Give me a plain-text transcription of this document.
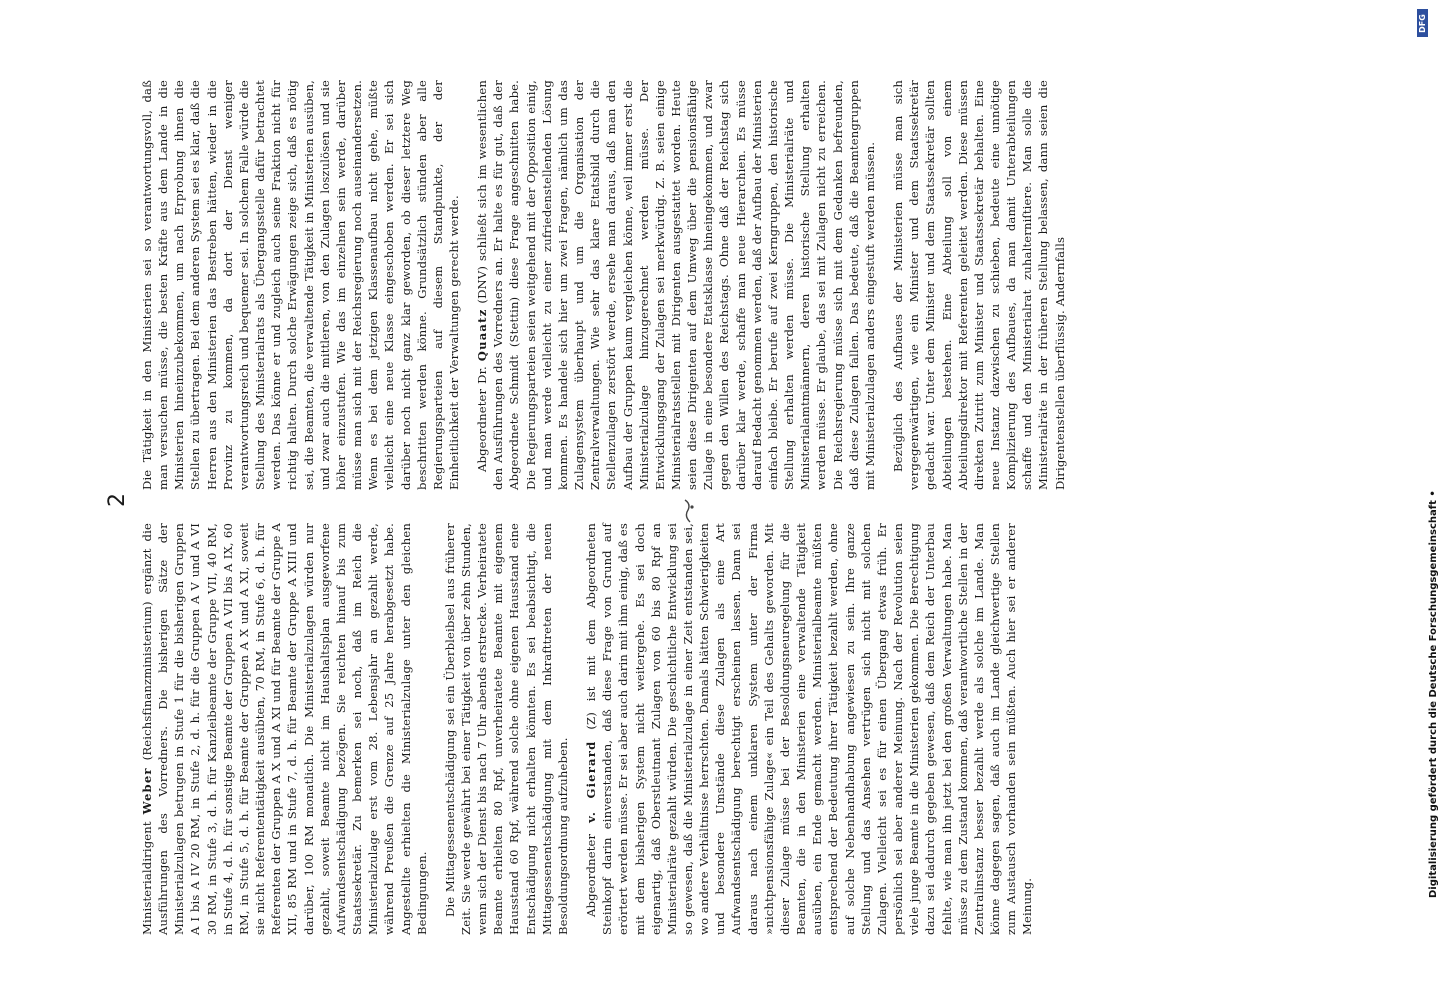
2

Ministerialdirigent Weber (Reichsfinanzministerium) ergänzt die Ausführungen des Vorredners. Die bisherigen Sätze der Ministerialzulagen betrugen in Stufe 1 für die bisherigen Gruppen A I bis A IV 20 RM, in Stufe 2, d. h. für die Gruppen A V und A VI 30 RM, in Stufe 3, d. h. für Kanzleibeamte der Gruppe VII, 40 RM, in Stufe 4, d. h. für sonstige Beamte der Gruppen A VII bis A IX, 60 RM, in Stufe 5, d. h. für Beamte der Gruppen A X und A XI, soweit sie nicht Referententätigkeit ausübten, 70 RM, in Stufe 6, d. h. für Referenten der Gruppen A X und A XI und für Beamte der Gruppe A XII, 85 RM und in Stufe 7, d. h. für Beamte der Gruppe A XIII und darüber, 100 RM monatlich. Die Ministerialzulagen würden nur gezahlt, soweit Beamte nicht im Haushaltsplan ausgeworfene Aufwandsentschädigung bezögen. Sie reichten hinauf bis zum Staatssekretär. Zu bemerken sei noch, daß im Reich die Ministerialzulage erst vom 28. Lebensjahr an gezahlt werde, während Preußen die Grenze auf 25 Jahre herabgesetzt habe. Angestellte erhielten die Ministerialzulage unter den gleichen Bedingungen. Die Mittagessenentschädigung sei ein Überbleibsel aus früherer Zeit. Sie werde gewährt bei einer Tätigkeit von über zehn Stunden, wenn sich der Dienst bis nach 7 Uhr abends erstrecke. Verheiratete Beamte erhielten 80 Rpf, unverheiratete Beamte mit eigenem Hausstand 60 Rpf, während solche ohne eigenen Hausstand eine Entschädigung nicht erhalten könnten. Es sei beabsichtigt, die Mittagessenentschädigung mit dem Inkrafttreten der neuen Besoldungsordnung aufzuheben. Abgeordneter v. Gierard (Z) ist mit dem Abgeordneten Steinkopf darin einverstanden, daß diese Frage von Grund auf erörtert werden müsse. Er sei aber auch darin mit ihm einig, daß es mit dem bisherigen System nicht weitergehe. Es sei doch eigenartig, daß Oberstleutnant Zulagen von 60 bis 80 Rpf an Ministerialräte gezahlt würden. Die geschichtliche Entwicklung sei so gewesen, daß die Ministerialzulage in einer Zeit entstanden sei, wo andere Verhältnisse herrschten. Damals hätten Schwierigkeiten und besondere Umstände diese Zulagen als eine Art Aufwandsentschädigung berechtigt erscheinen lassen. Dann sei daraus nach einem unklaren System unter der Firma »nichtpensionsfähige Zulage« ein Teil des Gehalts geworden. Mit dieser Zulage müsse bei der Besoldungsneuregelung für die Beamten, die in den Ministerien eine verwaltende Tätigkeit ausüben, ein Ende gemacht werden. Ministerialbeamte müßten entsprechend der Bedeutung ihrer Tätigkeit bezahlt werden, ohne auf solche Nebenhandhabung angewiesen zu sein. Ihre ganze Stellung und das Ansehen vertrügen sich nicht mit solchen Zulagen. Vielleicht sei es für einen Übergang etwas früh. Er persönlich sei aber anderer Meinung. Nach der Revolution seien viele junge Beamte in die Ministerien gekommen. Die Berechtigung dazu sei dadurch gegeben gewesen, daß dem Reich der Unterbau fehlte, wie man ihn jetzt bei den großen Verwaltungen habe. Man müsse zu dem Zustand kommen, daß verantwortliche Stellen in der Zentralinstanz besser bezahlt werde als solche im Lande. Man könne dagegen sagen, daß auch im Lande gleichwertige Stellen zum Austausch vorhanden sein müßten. Auch hier sei er anderer Meinung.

Die Tätigkeit in den Ministerien sei so verantwortungsvoll, daß man versuchen müsse, die besten Kräfte aus dem Lande in die Ministerien hineinzubekommen, um nach Erprobung ihnen die Stellen zu übertragen. Bei dem anderen System sei es klar, daß die Herren aus den Ministerien das Bestreben hätten, wieder in die Provinz zu kommen, da dort der Dienst weniger verantwortungsreich und bequemer sei. In solchem Falle würde die Stellung des Ministerialrats als Übergangsstelle dafür betrachtet werden. Das könne er und zugleich auch seine Fraktion nicht für richtig halten. Durch solche Erwägungen zeige sich, daß es nötig sei, die Beamten, die verwaltende Tätigkeit in Ministerien ausüben, und zwar auch die mittleren, von den Zulagen loszulösen und sie höher einzustufen. Wie das im einzelnen sein werde, darüber müsse man sich mit der Reichsregierung noch auseinandersetzen. Wenn es bei dem jetzigen Klassenaufbau nicht gehe, müßte vielleicht eine neue Klasse eingeschoben werden. Er sei sich darüber noch nicht ganz klar geworden, ob dieser letztere Weg beschritten werden könne. Grundsätzlich stünden aber alle Regierungsparteien auf diesem Standpunkte, der der Einheitlichkeit der Verwaltungen gerecht werde. Abgeordneter Dr. Quaatz (DNV) schließt sich im wesentlichen den Ausführungen des Vorredners an. Er halte es für gut, daß der Abgeordnete Schmidt (Stettin) diese Frage angeschnitten habe. Die Regierungsparteien seien weitgehend mit der Opposition einig, und man werde vielleicht zu einer zufriedenstellenden Lösung kommen. Es handele sich hier um zwei Fragen, nämlich um das Zulagensystem überhaupt und um die Organisation der Zentralverwaltungen. Wie sehr das klare Etatsbild durch die Stellenzulagen zerstört werde, ersehe man daraus, daß man den Aufbau der Gruppen kaum vergleichen könne, weil immer erst die Ministerialzulage hinzugerechnet werden müsse. Der Entwicklungsgang der Zulagen sei merkwürdig. Z. B. seien einige Ministerialratsstellen mit Dirigenten ausgestattet worden. Heute seien diese Dirigenten auf dem Umweg über die pensionsfähige Zulage in eine besondere Etatsklasse hineingekommen, und zwar gegen den Willen des Reichstags. Ohne daß der Reichstag sich darüber klar werde, schaffe man neue Hierarchien. Es müsse darauf Bedacht genommen werden, daß der Aufbau der Ministerien einfach bleibe. Er berufe auf zwei Kerngruppen, den historische Stellung erhalten werden müsse. Die Ministerialräte und Ministerialamtmännern, deren historische Stellung erhalten werden müsse. Er glaube, das sei mit Zulagen nicht zu erreichen. Die Reichsregierung müsse sich mit dem Gedanken befreunden, daß diese Zulagen fallen. Das bedeute, daß die Beamtengruppen mit Ministerialzulagen anders eingestuft werden müssen. Bezüglich des Aufbaues der Ministerien müsse man sich vergegenwärtigen, wie ein Minister und dem Staatssekretär gedacht war. Unter dem Minister und dem Staatssekretär sollten Abteilungen bestehen. Eine Abteilung soll von einem Abteilungsdirektor mit Referenten geleitet werden. Diese müssen direkten Zutritt zum Minister und Staatssekretär behalten. Eine neue Instanz dazwischen zu schieben, bedeute eine unnötige Komplizierung des Aufbaues, da man damit Unterabteilungen schaffe und den Ministerialrat zuhalterniſtiere. Man solle die Ministerialräte in der früheren Stellung belassen, dann seien die Dirigentenstellen überflüssig. Andernfalls

DFG
Digitalisierung gefördert durch die Deutsche Forschungsgemeinschaft •
